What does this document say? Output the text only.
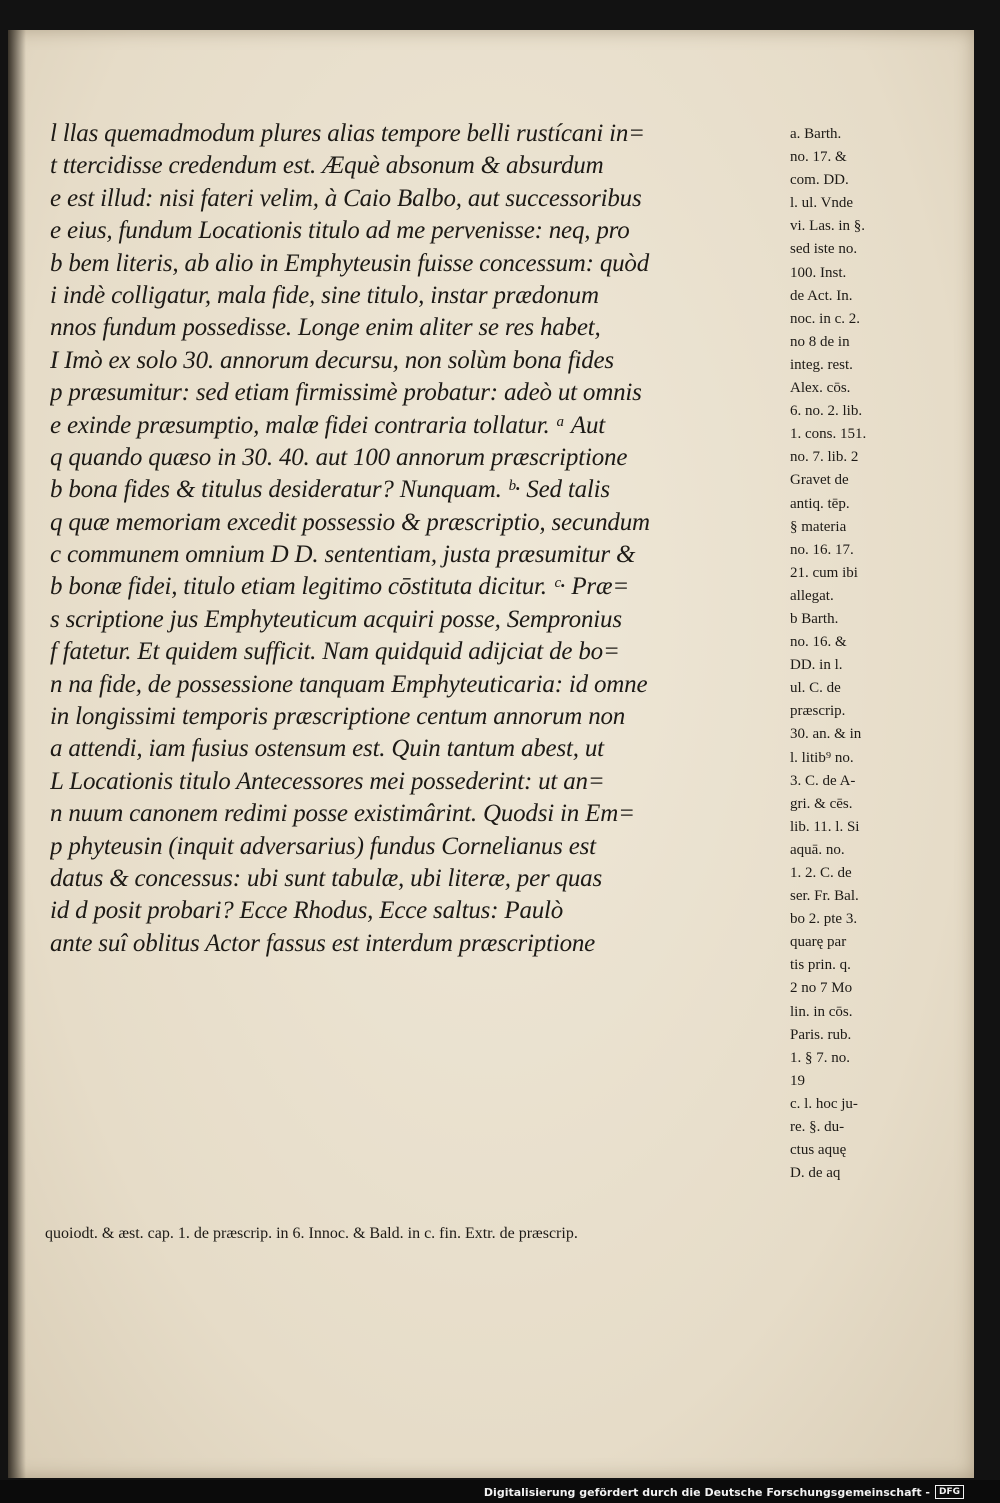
l llas quemadmodum plures alias tempore belli rustícani in=
t ttercidisse credendum est. Æquè absonum & absurdum
e est illud: nisi fateri velim, à Caio Balbo, aut successoribus
e eius, fundum Locationis titulo ad me pervenisse: neq, pro
b bem literis, ab alio in Emphyteusin fuisse concessum: quòd
i indè colligatur, mala fide, sine titulo, instar prædonum
nnos fundum possedisse. Longe enim aliter se res habet,
I Imò ex solo 30. annorum decursu, non solùm bona fides
p præsumitur: sed etiam firmissimè probatur: adeò ut omnis
e exinde præsumptio, malæ fidei contraria tollatur. ᵃ Aut
q quando quæso in 30. 40. aut 100 annorum præscriptione
b bona fides & titulus desideratur? Nunquam. ᵇ· Sed talis
q quæ memoriam excedit possessio & præscriptio, secundum
c communem omnium D D. sententiam, justa præsumitur &
b bonæ fidei, titulo etiam legitimo cōstituta dicitur. ᶜ· Præ=
s scriptione jus Emphyteuticum acquiri posse, Sempronius
f fatetur. Et quidem sufficit. Nam quidquid adijciat de bo=
n na fide, de possessione tanquam Emphyteuticaria: id omne
in longissimi temporis præscriptione centum annorum non
a attendi, iam fusius ostensum est. Quin tantum abest, ut
L Locationis titulo Antecessores mei possederint: ut an=
n nuum canonem redimi posse existimârint. Quodsi in Em=
p phyteusin (inquit adversarius) fundus Cornelianus est
datus & concessus: ubi sunt tabulæ, ubi literæ, per quas
id d posit probari? Ecce Rhodus, Ecce saltus: Paulò
ante suî oblitus Actor fassus est interdum præscriptione
a. Barth.
no. 17. &
com. DD.
l. ul. Vnde
vi. Las. in §.
sed iste no.
100. Inst.
de Act. In.
noc. in c. 2.
no 8 de in
integ. rest.
Alex. cōs.
6. no. 2. lib.
1. cons. 151.
no. 7. lib. 2
Gravet de
antiq. tēp.
§ materia
no. 16. 17.
21. cum ibi
allegat.
b Barth.
no. 16. &
DD. in l.
ul. C. de
præscrip.
30. an. & in
l. litib⁹ no.
3. C. de A-
gri. & cēs.
lib. 11. l. Si
aquā. no.
1. 2. C. de
ser. Fr. Bal.
bo 2. pte 3.
quarę par
tis prin. q.
2 no 7 Mo
lin. in cōs.
Paris. rub.
1. § 7. no.
19
c. l. hoc ju-
re. §. du-
ctus aquę
D. de aq
quoiodt. & æst. cap. 1. de præscrip. in 6. Innoc. & Bald. in c. fin. Extr. de præscrip.
Digitalisierung gefördert durch die Deutsche Forschungsgemeinschaft -	DFG
